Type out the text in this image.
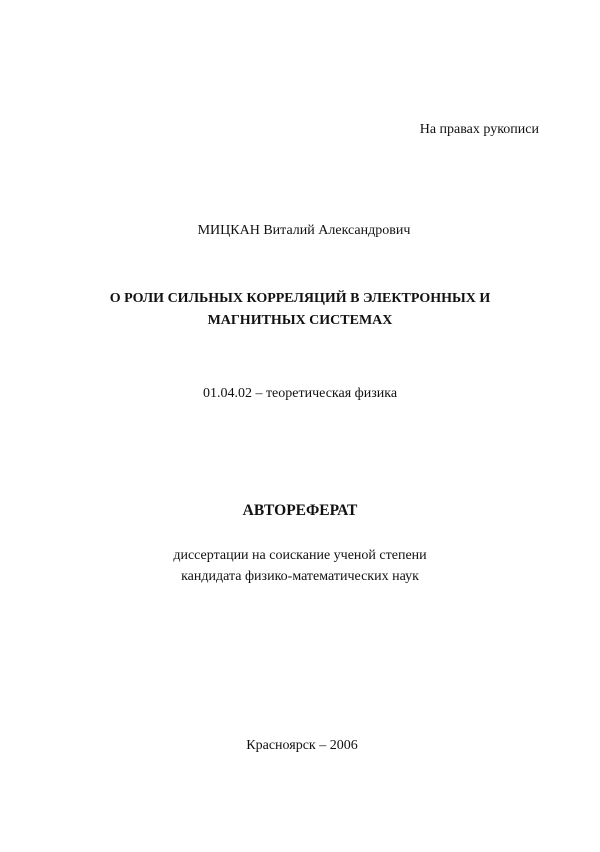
На правах рукописи

МИЦКАН Виталий Александрович

О РОЛИ СИЛЬНЫХ КОРРЕЛЯЦИЙ В ЭЛЕКТРОННЫХ И
МАГНИТНЫХ СИСТЕМАХ

01.04.02 – теоретическая физика

АВТОРЕФЕРАТ

диссертации на соискание ученой степени
кандидата физико-математических наук

Красноярск – 2006
